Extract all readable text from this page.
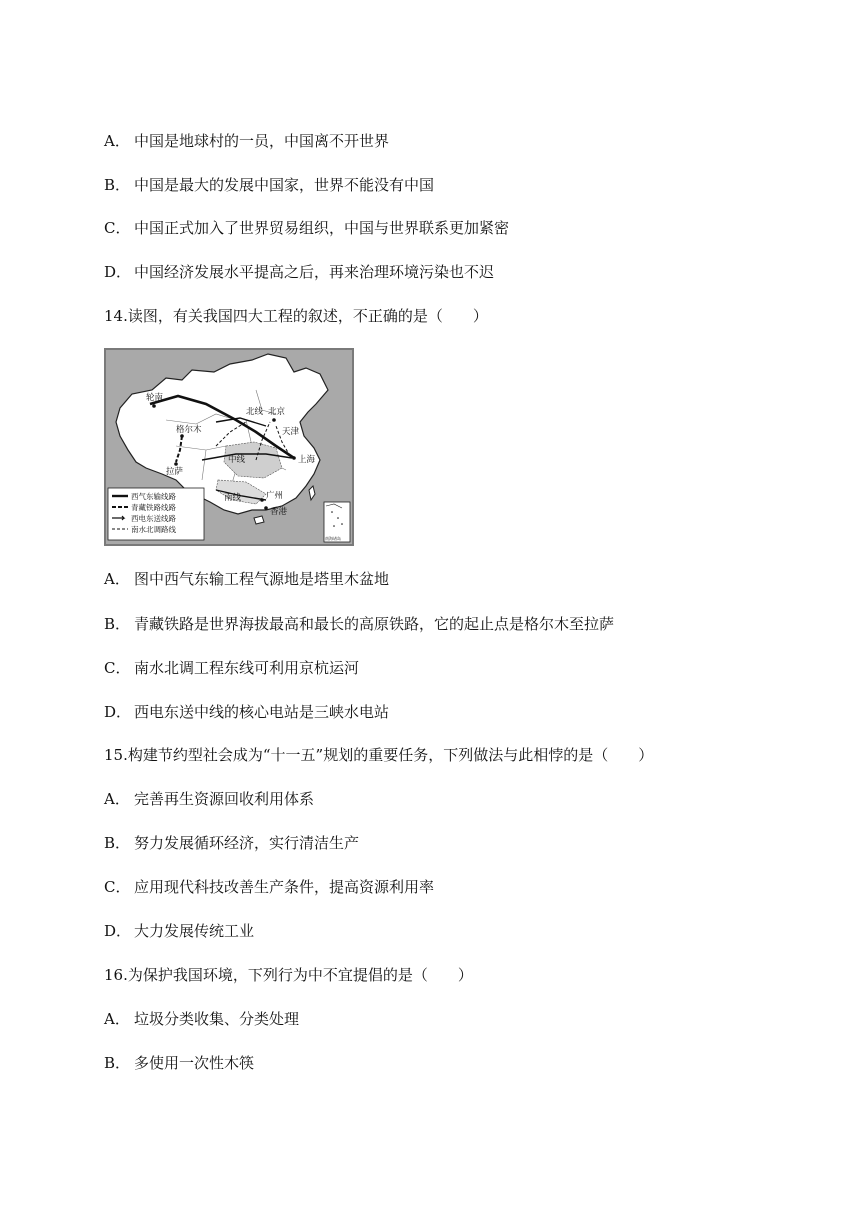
A． 中国是地球村的一员，中国离不开世界
B． 中国是最大的发展中国家，世界不能没有中国
C． 中国正式加入了世界贸易组织，中国与世界联系更加紧密
D． 中国经济发展水平提高之后，再来治理环境污染也不迟
14.读图，有关我国四大工程的叙述，不正确的是（　　）
轮南
北京
格尔木
拉萨
上海
广州
香港
中线
南线
北线
天津
西气东输线路
青藏铁路线路
西电东送线路
南水北调路线
南海诸岛
A． 图中西气东输工程气源地是塔里木盆地
B． 青藏铁路是世界海拔最高和最长的高原铁路，它的起止点是格尔木至拉萨
C． 南水北调工程东线可利用京杭运河
D． 西电东送中线的核心电站是三峡水电站
15.构建节约型社会成为“十一五”规划的重要任务，下列做法与此相悖的是（　　）
A． 完善再生资源回收利用体系
B． 努力发展循环经济，实行清洁生产
C． 应用现代科技改善生产条件，提高资源利用率
D． 大力发展传统工业
16.为保护我国环境，下列行为中不宜提倡的是（　　）
A． 垃圾分类收集、分类处理
B． 多使用一次性木筷
